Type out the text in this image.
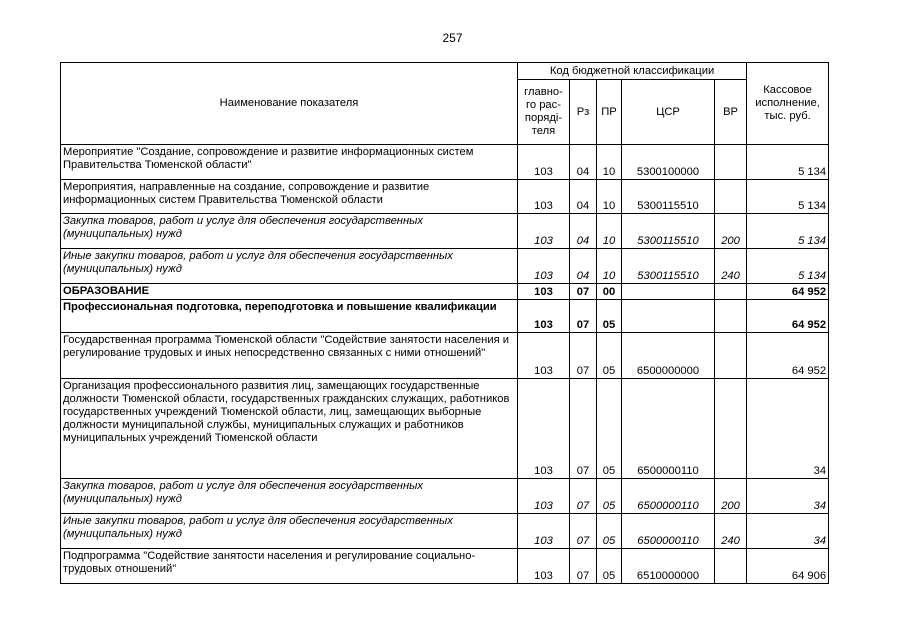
257
Наименование показателя	Код бюджетной классификации					Кассовое исполнение, тыс. руб.
	главно-го рас-порядi-теля	Рз	ПР	ЦСР	ВР	
Мероприятие "Создание, сопровождение и развитие информационных систем Правительства Тюменской области"	103	04	10	5300100000		5 134
Мероприятия, направленные на создание, сопровождение и развитие информационных систем Правительства Тюменской области	103	04	10	5300115510		5 134
Закупка товаров, работ и услуг для обеспечения государственных (муниципальных) нужд	103	04	10	5300115510	200	5 134
Иные закупки товаров, работ и услуг для обеспечения государственных (муниципальных) нужд	103	04	10	5300115510	240	5 134
ОБРАЗОВАНИЕ	103	07	00			64 952
Профессиональная подготовка, переподготовка и повышение квалификации	103	07	05			64 952
Государственная программа Тюменской области "Содействие занятости населения и регулирование трудовых и иных непосредственно связанных с ними отношений"	103	07	05	6500000000		64 952
Организация профессионального развития лиц, замещающих государственные должности Тюменской области, государственных гражданских служащих, работников государственных учреждений Тюменской области, лиц, замещающих выборные должности муниципальной службы, муниципальных служащих и работников муниципальных учреждений Тюменской области	103	07	05	6500000110		34
Закупка товаров, работ и услуг для обеспечения государственных (муниципальных) нужд	103	07	05	6500000110	200	34
Иные закупки товаров, работ и услуг для обеспечения государственных (муниципальных) нужд	103	07	05	6500000110	240	34
Подпрограмма "Содействие занятости населения и регулирование социально-трудовых отношений"	103	07	05	6510000000		64 906
